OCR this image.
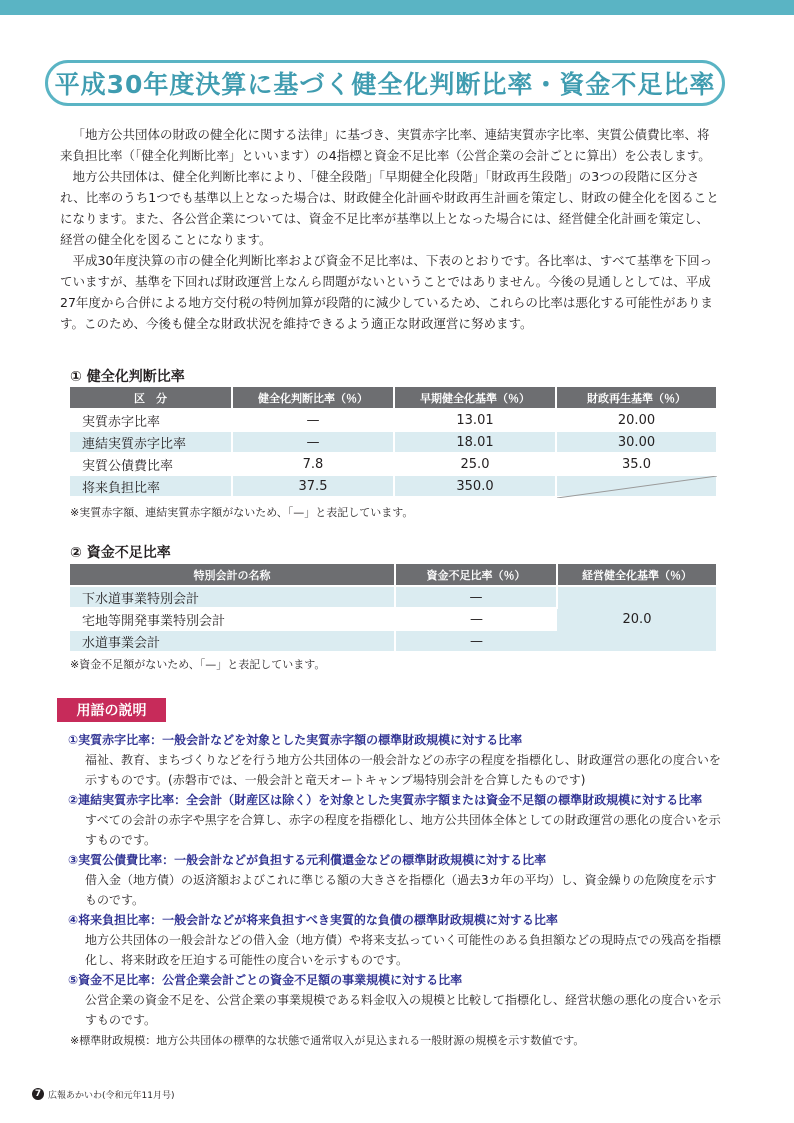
平成30年度決算に基づく健全化判断比率・資金不足比率

「地方公共団体の財政の健全化に関する法律」に基づき、実質赤字比率、連結実質赤字比率、実質公債費比率、将来負担比率（「健全化判断比率」といいます）の4指標と資金不足比率（公営企業の会計ごとに算出）を公表します。

地方公共団体は、健全化判断比率により、「健全段階」「早期健全化段階」「財政再生段階」の3つの段階に区分され、比率のうち1つでも基準以上となった場合は、財政健全化計画や財政再生計画を策定し、財政の健全化を図ることになります。また、各公営企業については、資金不足比率が基準以上となった場合には、経営健全化計画を策定し、経営の健全化を図ることになります。

平成30年度決算の市の健全化判断比率および資金不足比率は、下表のとおりです。各比率は、すべて基準を下回っていますが、基準を下回れば財政運営上なんら問題がないということではありません。今後の見通しとしては、平成27年度から合併による地方交付税の特例加算が段階的に減少しているため、これらの比率は悪化する可能性があります。このため、今後も健全な財政状況を維持できるよう適正な財政運営に努めます。

① 健全化判断比率
区　分	健全化判断比率（％）	早期健全化基準（％）	財政再生基準（％）
実質赤字比率	—	13.01	20.00
連結実質赤字比率	—	18.01	30.00
実質公債費比率	7.8	25.0	35.0
将来負担比率	37.5	350.0	
※実質赤字額、連結実質赤字額がないため、「—」と表記しています。
② 資金不足比率
特別会計の名称	資金不足比率（％）	経営健全化基準（％）
下水道事業特別会計	—	20.0
宅地等開発事業特別会計	—	
水道事業会計	—	
※資金不足額がないため、「—」と表記しています。
用語の説明
①実質赤字比率：一般会計などを対象とした実質赤字額の標準財政規模に対する比率
福祉、教育、まちづくりなどを行う地方公共団体の一般会計などの赤字の程度を指標化し、財政運営の悪化の度合いを示すものです。(赤磐市では、一般会計と竜天オートキャンプ場特別会計を合算したものです)
②連結実質赤字比率：全会計（財産区は除く）を対象とした実質赤字額または資金不足額の標準財政規模に対する比率
すべての会計の赤字や黒字を合算し、赤字の程度を指標化し、地方公共団体全体としての財政運営の悪化の度合いを示すものです。
③実質公債費比率：一般会計などが負担する元利償還金などの標準財政規模に対する比率
借入金（地方債）の返済額およびこれに準じる額の大きさを指標化（過去3カ年の平均）し、資金繰りの危険度を示すものです。
④将来負担比率：一般会計などが将来負担すべき実質的な負債の標準財政規模に対する比率
地方公共団体の一般会計などの借入金（地方債）や将来支払っていく可能性のある負担額などの現時点での残高を指標化し、将来財政を圧迫する可能性の度合いを示すものです。
⑤資金不足比率：公営企業会計ごとの資金不足額の事業規模に対する比率
公営企業の資金不足を、公営企業の事業規模である料金収入の規模と比較して指標化し、経営状態の悪化の度合いを示すものです。
※標準財政規模：地方公共団体の標準的な状態で通常収入が見込まれる一般財源の規模を示す数値です。
7 広報あかいわ(令和元年11月号)
